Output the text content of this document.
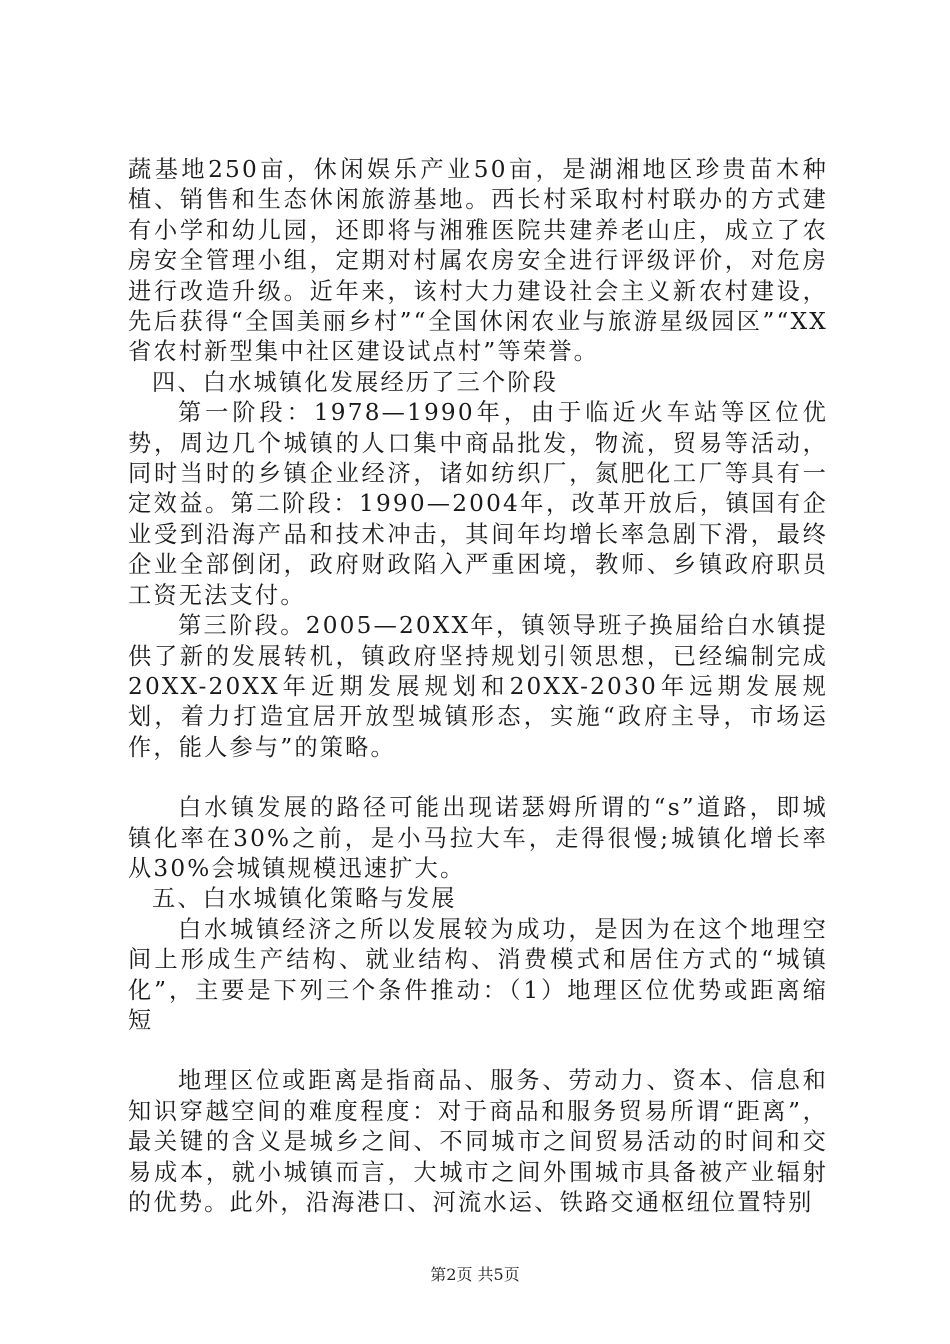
蔬基地250亩，休闲娱乐产业50亩，是湖湘地区珍贵苗木种植、销售和生态休闲旅游基地。西长村采取村村联办的方式建有小学和幼儿园，还即将与湘雅医院共建养老山庄，成立了农房安全管理小组，定期对村属农房安全进行评级评价，对危房进行改造升级。近年来，该村大力建设社会主义新农村建设，先后获得“全国美丽乡村”“全国休闲农业与旅游星级园区”“XX省农村新型集中社区建设试点村”等荣誉。

四、白水城镇化发展经历了三个阶段

第一阶段：1978—1990年，由于临近火车站等区位优势，周边几个城镇的人口集中商品批发，物流，贸易等活动，同时当时的乡镇企业经济，诸如纺织厂，氮肥化工厂等具有一定效益。第二阶段：1990—2004年，改革开放后，镇国有企业受到沿海产品和技术冲击，其间年均增长率急剧下滑，最终企业全部倒闭，政府财政陷入严重困境，教师、乡镇政府职员工资无法支付。

第三阶段。2005—20XX年，镇领导班子换届给白水镇提供了新的发展转机，镇政府坚持规划引领思想，已经编制完成20XX-20XX年近期发展规划和20XX-2030年远期发展规划，着力打造宜居开放型城镇形态，实施“政府主导，市场运作，能人参与”的策略。

白水镇发展的路径可能出现诺瑟姆所谓的“s”道路，即城镇化率在30%之前，是小马拉大车，走得很慢;城镇化增长率从30%会城镇规模迅速扩大。

五、白水城镇化策略与发展

白水城镇经济之所以发展较为成功，是因为在这个地理空间上形成生产结构、就业结构、消费模式和居住方式的“城镇化”，主要是下列三个条件推动：（1）地理区位优势或距离缩短

地理区位或距离是指商品、服务、劳动力、资本、信息和知识穿越空间的难度程度：对于商品和服务贸易所谓“距离”，最关键的含义是城乡之间、不同城市之间贸易活动的时间和交易成本，就小城镇而言，大城市之间外围城市具备被产业辐射的优势。此外，沿海港口、河流水运、铁路交通枢纽位置特别

第2页 共5页
